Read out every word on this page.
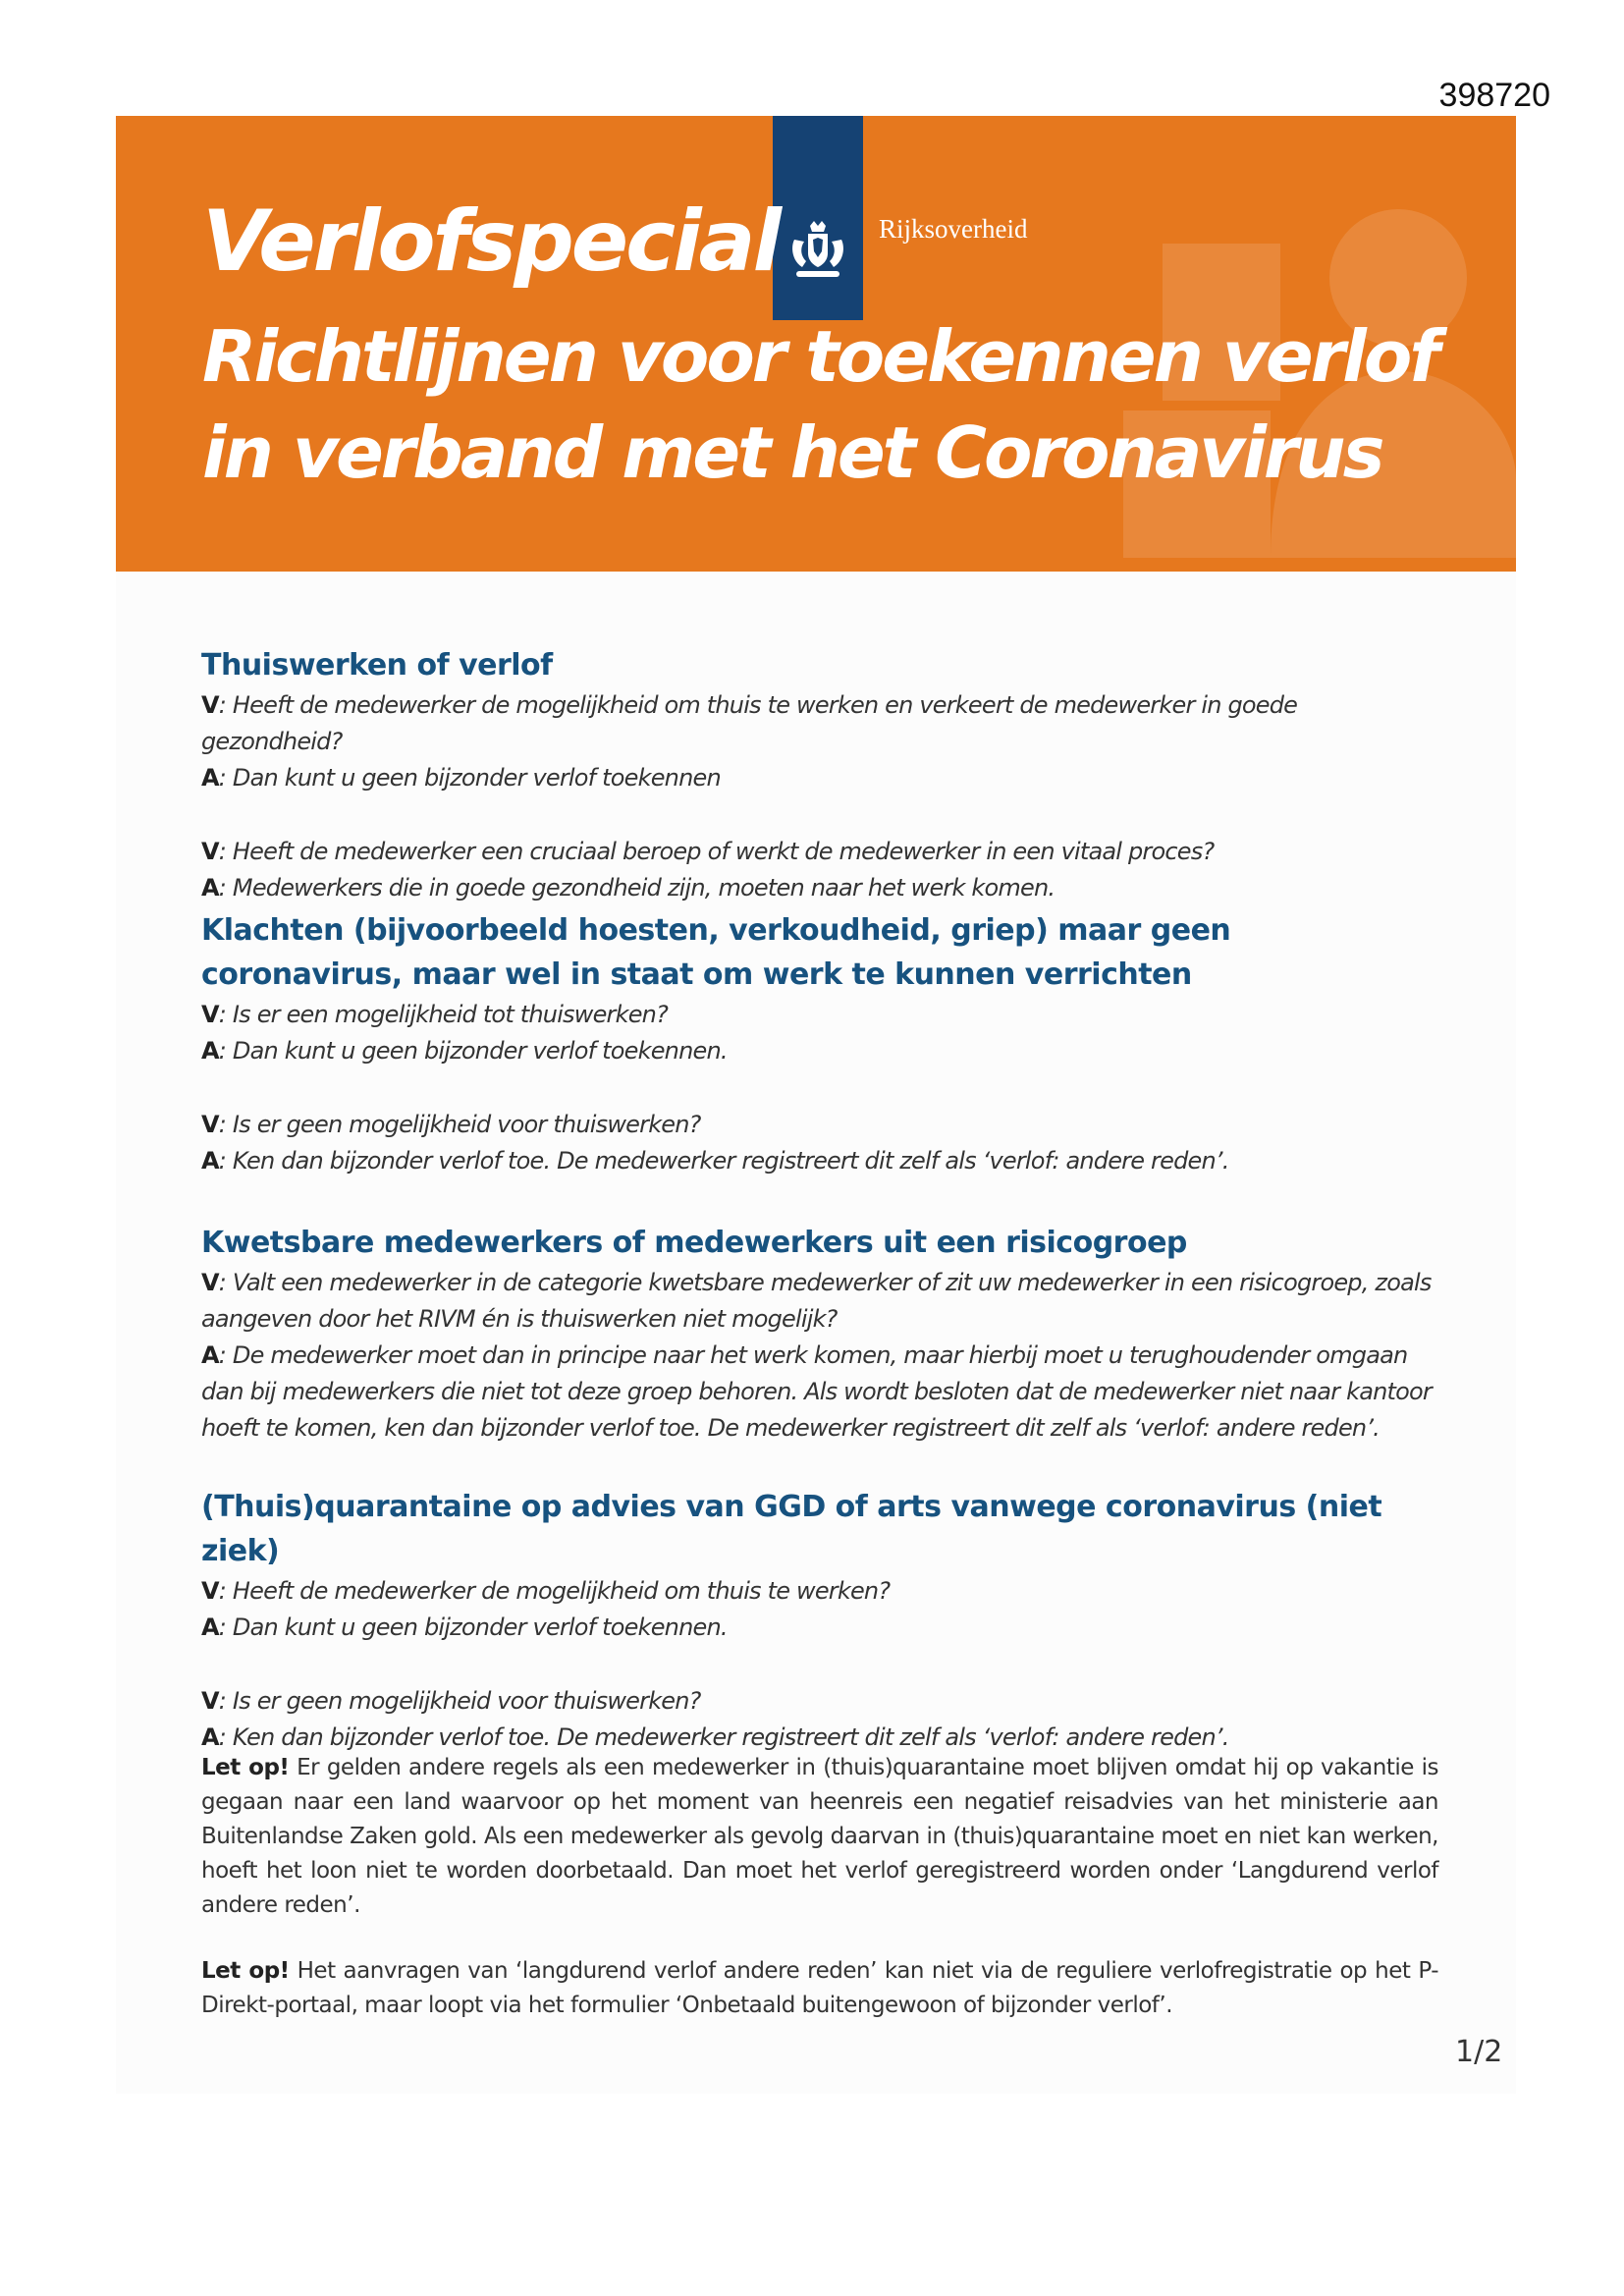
398720
Rijksoverheid
Verlofspecial
Richtlijnen voor toekennen verlof in verband met het Coronavirus
Thuiswerken of verlof

V: Heeft de medewerker de mogelijkheid om thuis te werken en verkeert de medewerker in goede gezondheid?

A: Dan kunt u geen bijzonder verlof toekennen

V: Heeft de medewerker een cruciaal beroep of werkt de medewerker in een vitaal proces?

A: Medewerkers die in goede gezondheid zijn, moeten naar het werk komen.

Klachten (bijvoorbeeld hoesten, verkoudheid, griep) maar geen coronavirus, maar wel in staat om werk te kunnen verrichten

V: Is er een mogelijkheid tot thuiswerken?

A: Dan kunt u geen bijzonder verlof toekennen.

V: Is er geen mogelijkheid voor thuiswerken?

A: Ken dan bijzonder verlof toe. De medewerker registreert dit zelf als ‘verlof: andere reden’.

Kwetsbare medewerkers of medewerkers uit een risicogroep

V: Valt een medewerker in de categorie kwetsbare medewerker of zit uw medewerker in een risicogroep, zoals aangeven door het RIVM én is thuiswerken niet mogelijk?

A: De medewerker moet dan in principe naar het werk komen, maar hierbij moet u terughoudender omgaan dan bij medewerkers die niet tot deze groep behoren. Als wordt besloten dat de medewerker niet naar kantoor hoeft te komen, ken dan bijzonder verlof toe. De medewerker registreert dit zelf als ‘verlof: andere reden’.

(Thuis)quarantaine op advies van GGD of arts vanwege coronavirus (niet ziek)

V: Heeft de medewerker de mogelijkheid om thuis te werken?

A: Dan kunt u geen bijzonder verlof toekennen.

V: Is er geen mogelijkheid voor thuiswerken?

A: Ken dan bijzonder verlof toe. De medewerker registreert dit zelf als ‘verlof: andere reden’.

Let op! Er gelden andere regels als een medewerker in (thuis)quarantaine moet blijven omdat hij op vakantie is gegaan naar een land waarvoor op het moment van heenreis een negatief reisadvies van het ministerie aan Buitenlandse Zaken gold. Als een medewerker als gevolg daarvan in (thuis)quarantaine moet en niet kan werken, hoeft het loon niet te worden doorbetaald. Dan moet het verlof geregistreerd worden onder ‘Langdurend verlof andere reden’.

Let op! Het aanvragen van ‘langdurend verlof andere reden’ kan niet via de reguliere verlofregistratie op het P-Direkt-portaal, maar loopt via het formulier ‘Onbetaald buitengewoon of bijzonder verlof’.

1/2
